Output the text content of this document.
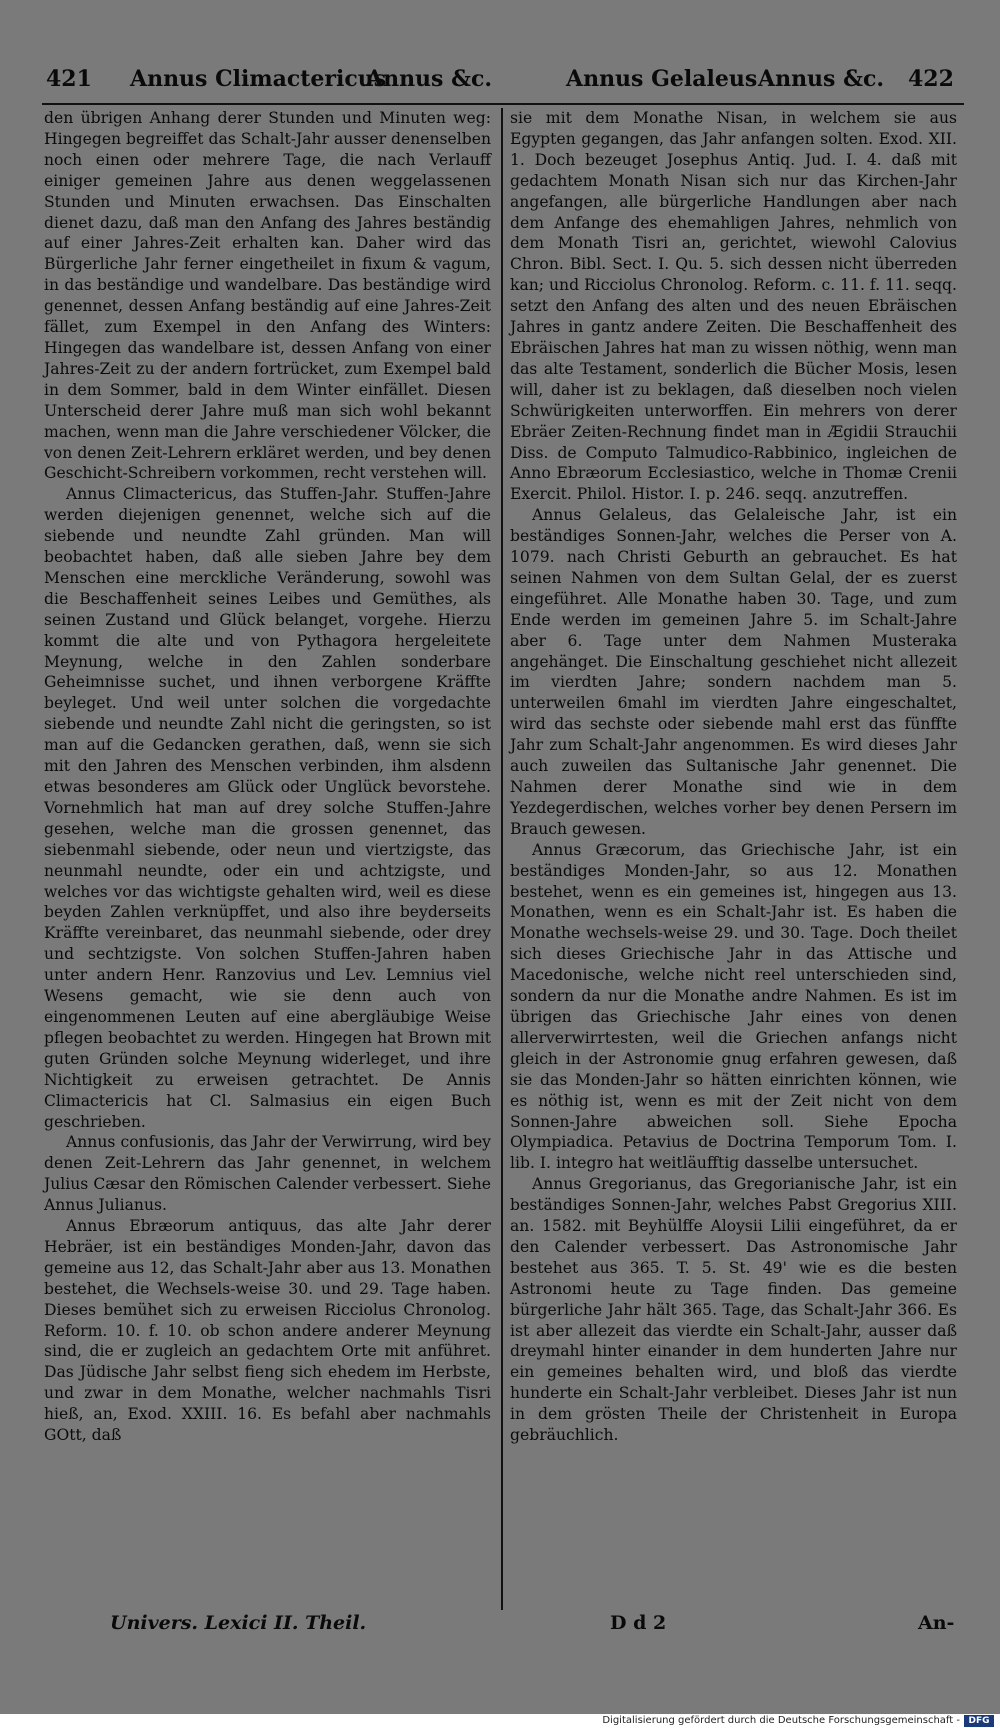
421 Annus Climactericus
Annus &c.	Annus Gelaleus Annus &c. 422

den übrigen Anhang derer Stunden und Minuten weg: Hingegen begreiffet das Schalt-Jahr ausser denenselben noch einen oder mehrere Tage, die nach Verlauff einiger gemeinen Jahre aus denen weggelassenen Stunden und Minuten erwachsen. Das Einschalten dienet dazu, daß man den Anfang des Jahres beständig auf einer Jahres-Zeit erhalten kan. Daher wird das Bürgerliche Jahr ferner eingetheilet in fixum & vagum, in das beständige und wandelbare. Das beständige wird genennet, dessen Anfang beständig auf eine Jahres-Zeit fället, zum Exempel in den Anfang des Winters: Hingegen das wandelbare ist, dessen Anfang von einer Jahres-Zeit zu der andern fortrücket, zum Exempel bald in dem Sommer, bald in dem Winter einfället. Diesen Unterscheid derer Jahre muß man sich wohl bekannt machen, wenn man die Jahre verschiedener Völcker, die von denen Zeit-Lehrern erkläret werden, und bey denen Geschicht-Schreibern vorkommen, recht verstehen will.

Annus Climactericus, das Stuffen-Jahr. Stuffen-Jahre werden diejenigen genennet, welche sich auf die siebende und neundte Zahl gründen. Man will beobachtet haben, daß alle sieben Jahre bey dem Menschen eine merckliche Veränderung, sowohl was die Beschaffenheit seines Leibes und Gemüthes, als seinen Zustand und Glück belanget, vorgehe. Hierzu kommt die alte und von Pythagora hergeleitete Meynung, welche in den Zahlen sonderbare Geheimnisse suchet, und ihnen verborgene Kräffte beyleget. Und weil unter solchen die vorgedachte siebende und neundte Zahl nicht die geringsten, so ist man auf die Gedancken gerathen, daß, wenn sie sich mit den Jahren des Menschen verbinden, ihm alsdenn etwas besonderes am Glück oder Unglück bevorstehe. Vornehmlich hat man auf drey solche Stuffen-Jahre gesehen, welche man die grossen genennet, das siebenmahl siebende, oder neun und viertzigste, das neunmahl neundte, oder ein und achtzigste, und welches vor das wichtigste gehalten wird, weil es diese beyden Zahlen verknüpffet, und also ihre beyderseits Kräffte vereinbaret, das neunmahl siebende, oder drey und sechtzigste. Von solchen Stuffen-Jahren haben unter andern Henr. Ranzovius und Lev. Lemnius viel Wesens gemacht, wie sie denn auch von eingenommenen Leuten auf eine abergläubige Weise pflegen beobachtet zu werden. Hingegen hat Brown mit guten Gründen solche Meynung widerleget, und ihre Nichtigkeit zu erweisen getrachtet. De Annis Climactericis hat Cl. Salmasius ein eigen Buch geschrieben.

Annus confusionis, das Jahr der Verwirrung, wird bey denen Zeit-Lehrern das Jahr genennet, in welchem Julius Cæsar den Römischen Calender verbessert. Siehe Annus Julianus.

Annus Ebræorum antiquus, das alte Jahr derer Hebräer, ist ein beständiges Monden-Jahr, davon das gemeine aus 12, das Schalt-Jahr aber aus 13. Monathen bestehet, die Wechsels-weise 30. und 29. Tage haben. Dieses bemühet sich zu erweisen Ricciolus Chronolog. Reform. 10. f. 10. ob schon andere anderer Meynung sind, die er zugleich an gedachtem Orte mit anführet. Das Jüdische Jahr selbst fieng sich ehedem im Herbste, und zwar in dem Monathe, welcher nachmahls Tisri hieß, an, Exod. XXIII. 16. Es befahl aber nachmahls GOtt, daß

sie mit dem Monathe Nisan, in welchem sie aus Egypten gegangen, das Jahr anfangen solten. Exod. XII. 1. Doch bezeuget Josephus Antiq. Jud. I. 4. daß mit gedachtem Monath Nisan sich nur das Kirchen-Jahr angefangen, alle bürgerliche Handlungen aber nach dem Anfange des ehemahligen Jahres, nehmlich von dem Monath Tisri an, gerichtet, wiewohl Calovius Chron. Bibl. Sect. I. Qu. 5. sich dessen nicht überreden kan; und Ricciolus Chronolog. Reform. c. 11. f. 11. seqq. setzt den Anfang des alten und des neuen Ebräischen Jahres in gantz andere Zeiten. Die Beschaffenheit des Ebräischen Jahres hat man zu wissen nöthig, wenn man das alte Testament, sonderlich die Bücher Mosis, lesen will, daher ist zu beklagen, daß dieselben noch vielen Schwürigkeiten unterworffen. Ein mehrers von derer Ebräer Zeiten-Rechnung findet man in Ægidii Strauchii Diss. de Computo Talmudico-Rabbinico, ingleichen de Anno Ebræorum Ecclesiastico, welche in Thomæ Crenii Exercit. Philol. Histor. I. p. 246. seqq. anzutreffen.

Annus Gelaleus, das Gelaleische Jahr, ist ein beständiges Sonnen-Jahr, welches die Perser von A. 1079. nach Christi Geburth an gebrauchet. Es hat seinen Nahmen von dem Sultan Gelal, der es zuerst eingeführet. Alle Monathe haben 30. Tage, und zum Ende werden im gemeinen Jahre 5. im Schalt-Jahre aber 6. Tage unter dem Nahmen Musteraka angehänget. Die Einschaltung geschiehet nicht allezeit im vierdten Jahre; sondern nachdem man 5. unterweilen 6mahl im vierdten Jahre eingeschaltet, wird das sechste oder siebende mahl erst das fünffte Jahr zum Schalt-Jahr angenommen. Es wird dieses Jahr auch zuweilen das Sultanische Jahr genennet. Die Nahmen derer Monathe sind wie in dem Yezdegerdischen, welches vorher bey denen Persern im Brauch gewesen.

Annus Græcorum, das Griechische Jahr, ist ein beständiges Monden-Jahr, so aus 12. Monathen bestehet, wenn es ein gemeines ist, hingegen aus 13. Monathen, wenn es ein Schalt-Jahr ist. Es haben die Monathe wechsels-weise 29. und 30. Tage. Doch theilet sich dieses Griechische Jahr in das Attische und Macedonische, welche nicht reel unterschieden sind, sondern da nur die Monathe andre Nahmen. Es ist im übrigen das Griechische Jahr eines von denen allerverwirrtesten, weil die Griechen anfangs nicht gleich in der Astronomie gnug erfahren gewesen, daß sie das Monden-Jahr so hätten einrichten können, wie es nöthig ist, wenn es mit der Zeit nicht von dem Sonnen-Jahre abweichen soll. Siehe Epocha Olympiadica. Petavius de Doctrina Temporum Tom. I. lib. I. integro hat weitläufftig dasselbe untersuchet.

Annus Gregorianus, das Gregorianische Jahr, ist ein beständiges Sonnen-Jahr, welches Pabst Gregorius XIII. an. 1582. mit Beyhülffe Aloysii Lilii eingeführet, da er den Calender verbessert. Das Astronomische Jahr bestehet aus 365. T. 5. St. 49' wie es die besten Astronomi heute zu Tage finden. Das gemeine bürgerliche Jahr hält 365. Tage, das Schalt-Jahr 366. Es ist aber allezeit das vierdte ein Schalt-Jahr, ausser daß dreymahl hinter einander in dem hunderten Jahre nur ein gemeines behalten wird, und bloß das vierdte hunderte ein Schalt-Jahr verbleibet. Dieses Jahr ist nun in dem grösten Theile der Christenheit in Europa gebräuchlich.

Univers. Lexici II. Theil.	D d 2	An-
Digitalisierung gefördert durch die Deutsche Forschungsgemeinschaft - DFG
